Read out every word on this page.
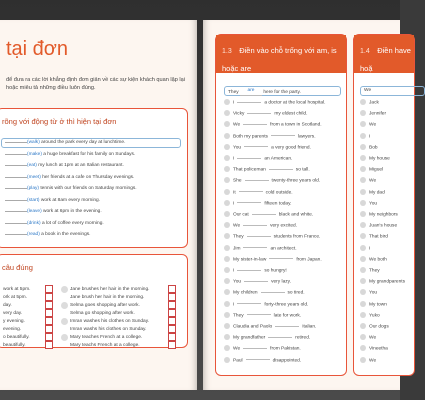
tại đơn
để đưa ra các lời khẳng định đơn giản về các sự kiện khách quan lặp lại hoặc miêu tả những điều luôn đúng.
rõng với động từ ở thì hiện tại đơn
(walk) around the park every day at lunchtime.
(make) a huge breakfast for his family on Sundays.
(eat) my lunch at 1pm at an Italian restaurant.
(meet) her friends at a cafe on Thursday evenings.
(play) tennis with our friends on Saturday mornings.
(start) work at 8am every morning.
(leave) work at 6pm in the evening.
(drink) a lot of coffee every morning.
(read) a book in the evenings.
câu đúng
work at 5pm.
ork at 5pm.
day.
very day.
y evening.
evening.
o beautifully.
beautifully.
Jane brushes her hair in the morning.
Jane brush her hair in the morning.
Selma goes shopping after work.
Selma go shopping after work.
Imran washes his clothes on Sunday.
Imran washs his clothes on Sunday.
Mary teaches French at a college.
Mary teachs French at a college.
1.3 Điền vào chỗ trống với am, is hoặc are
They are here for the party.
I	a doctor at the local hospital.
Vicky	my eldest child.
We	from a town in Scotland.
Both my parents	lawyers.
You	a very good friend.
I	an American.
That policeman	so tall.
She	twenty-three years old.
It	cold outside.
I	fifteen today.
Our cat	black and white.
We	very excited.
They	students from France.
Jim	an architect.
My sister-in-law	from Japan.
I	so hungry!
You	very lazy.
My children	so tired.
I	forty-three years old.
They	late for work.
Claudia and Paolo	Italian.
My grandfather	retired.
We	from Pakistan.
Paul	disappointed.
1.4 Điền have hoặ
We
Jack
Jennifer
We
I
Bob
My house
Miguel
We
My dad
You
My neighbors
Juan's house
That bird
I
We both
They
My grandparents
You
My town
Yuko
Our dogs
We
Vineetha
We
